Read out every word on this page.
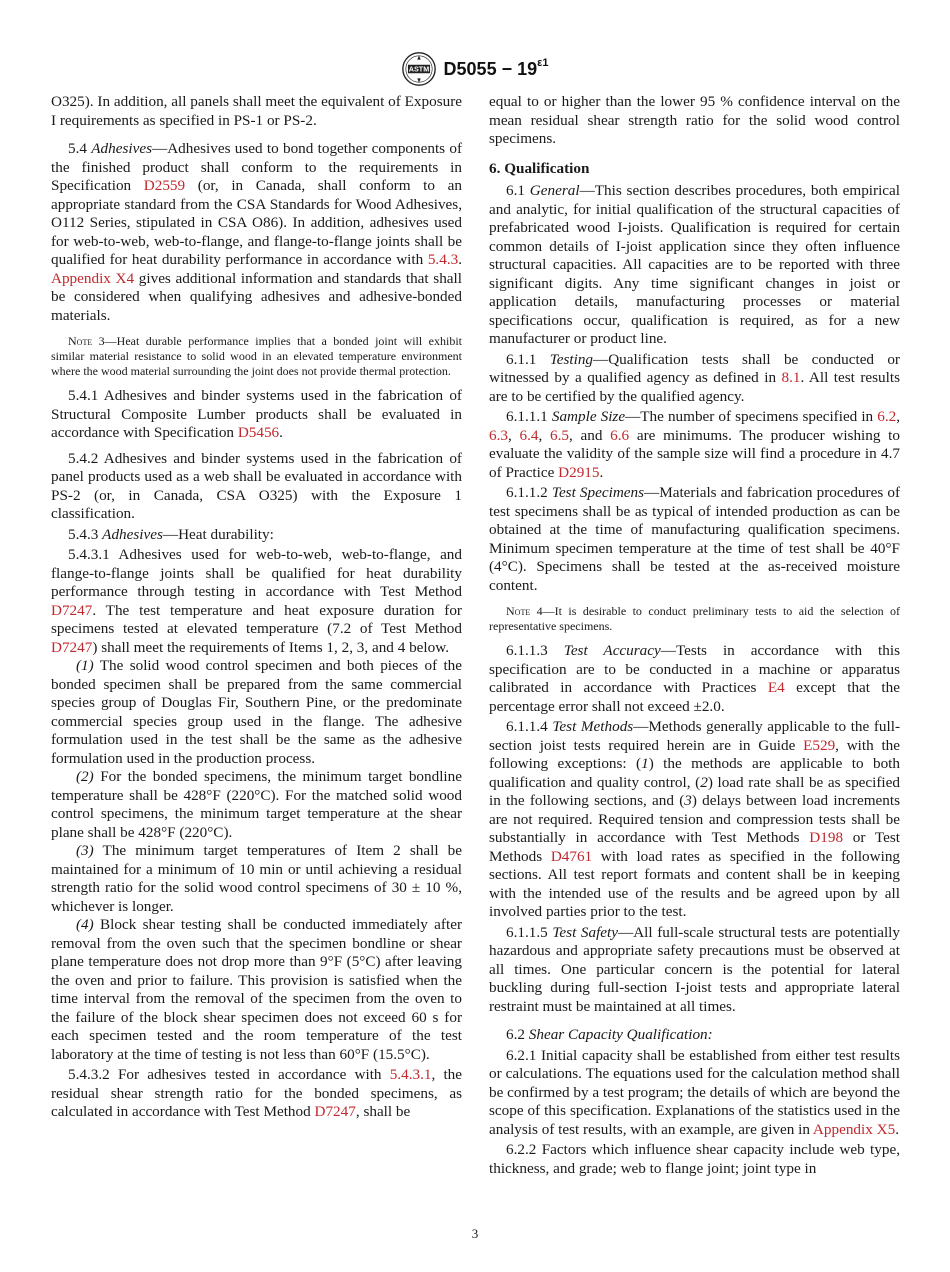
ASTM $D5055 - 19^{\varepsilon 1}$

O325). In addition, all panels shall meet the equivalent of Exposure I requirements as specified in PS-1 or PS-2.

5.4 Adhesives—Adhesives used to bond together components of the finished product shall conform to the requirements in Specification D2559 (or, in Canada, shall conform to an appropriate standard from the CSA Standards for Wood Adhesives, O112 Series, stipulated in CSA O86). In addition, adhesives used for web-to-web, web-to-flange, and flange-to-flange joints shall be qualified for heat durability performance in accordance with 5.4.3. Appendix X4 gives additional information and standards that shall be considered when qualifying adhesives and adhesive-bonded materials.

Note 3—Heat durable performance implies that a bonded joint will exhibit similar material resistance to solid wood in an elevated temperature environment where the wood material surrounding the joint does not provide thermal protection.

5.4.1 Adhesives and binder systems used in the fabrication of Structural Composite Lumber products shall be evaluated in accordance with Specification D5456.

5.4.2 Adhesives and binder systems used in the fabrication of panel products used as a web shall be evaluated in accordance with PS-2 (or, in Canada, CSA O325) with the Exposure 1 classification.

5.4.3 Adhesives—Heat durability:

5.4.3.1 Adhesives used for web-to-web, web-to-flange, and flange-to-flange joints shall be qualified for heat durability performance through testing in accordance with Test Method D7247. The test temperature and heat exposure duration for specimens tested at elevated temperature (7.2 of Test Method D7247) shall meet the requirements of Items 1, 2, 3, and 4 below.

(1) The solid wood control specimen and both pieces of the bonded specimen shall be prepared from the same commercial species group of Douglas Fir, Southern Pine, or the predominate commercial species group used in the flange. The adhesive formulation used in the test shall be the same as the adhesive formulation used in the production process.

(2) For the bonded specimens, the minimum target bondline temperature shall be 428°F (220°C). For the matched solid wood control specimens, the minimum target temperature at the shear plane shall be 428°F (220°C).

(3) The minimum target temperatures of Item 2 shall be maintained for a minimum of 10 min or until achieving a residual strength ratio for the solid wood control specimens of 30 ± 10 %, whichever is longer.

(4) Block shear testing shall be conducted immediately after removal from the oven such that the specimen bondline or shear plane temperature does not drop more than 9°F (5°C) after leaving the oven and prior to failure. This provision is satisfied when the time interval from the removal of the specimen from the oven to the failure of the block shear specimen does not exceed 60 s for each specimen tested and the room temperature of the test laboratory at the time of testing is not less than 60°F (15.5°C).

5.4.3.2 For adhesives tested in accordance with 5.4.3.1, the residual shear strength ratio for the bonded specimens, as calculated in accordance with Test Method D7247, shall be

equal to or higher than the lower 95 % confidence interval on the mean residual shear strength ratio for the solid wood control specimens.

6. Qualification

6.1 General—This section describes procedures, both empirical and analytic, for initial qualification of the structural capacities of prefabricated wood I-joists. Qualification is required for certain common details of I-joist application since they often influence structural capacities. All capacities are to be reported with three significant digits. Any time significant changes in joist or application details, manufacturing processes or material specifications occur, qualification is required, as for a new manufacturer or product line.

6.1.1 Testing—Qualification tests shall be conducted or witnessed by a qualified agency as defined in 8.1. All test results are to be certified by the qualified agency.

6.1.1.1 Sample Size—The number of specimens specified in 6.2, 6.3, 6.4, 6.5, and 6.6 are minimums. The producer wishing to evaluate the validity of the sample size will find a procedure in 4.7 of Practice D2915.

6.1.1.2 Test Specimens—Materials and fabrication procedures of test specimens shall be as typical of intended production as can be obtained at the time of manufacturing qualification specimens. Minimum specimen temperature at the time of test shall be 40°F (4°C). Specimens shall be tested at the as-received moisture content.

Note 4—It is desirable to conduct preliminary tests to aid the selection of representative specimens.

6.1.1.3 Test Accuracy—Tests in accordance with this specification are to be conducted in a machine or apparatus calibrated in accordance with Practices E4 except that the percentage error shall not exceed ±2.0.

6.1.1.4 Test Methods—Methods generally applicable to the full-section joist tests required herein are in Guide E529, with the following exceptions: (1) the methods are applicable to both qualification and quality control, (2) load rate shall be as specified in the following sections, and (3) delays between load increments are not required. Required tension and compression tests shall be substantially in accordance with Test Methods D198 or Test Methods D4761 with load rates as specified in the following sections. All test report formats and content shall be in keeping with the intended use of the results and be agreed upon by all involved parties prior to the test.

6.1.1.5 Test Safety—All full-scale structural tests are potentially hazardous and appropriate safety precautions must be observed at all times. One particular concern is the potential for lateral buckling during full-section I-joist tests and appropriate lateral restraint must be maintained at all times.

6.2 Shear Capacity Qualification:

6.2.1 Initial capacity shall be established from either test results or calculations. The equations used for the calculation method shall be confirmed by a test program; the details of which are beyond the scope of this specification. Explanations of the statistics used in the analysis of test results, with an example, are given in Appendix X5.

6.2.2 Factors which influence shear capacity include web type, thickness, and grade; web to flange joint; joint type in

3
